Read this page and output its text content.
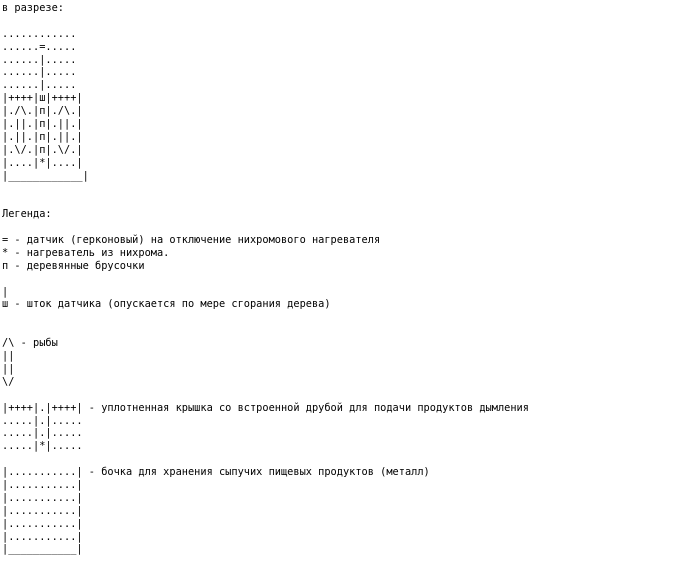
в разрезе:
............
......=.....
......|.....
......|.....
......|.....
|++++|ш|++++|
|./\.|п|./\.|
|.||.|п|.||.|
|.||.|п|.||.|
|.\/.|п|.\/.|
|....|*|....|
|____________|
Легенда:
= - датчик (герконовый) на отключение нихромового нагревателя
* - нагреватель из нихрома.
п - деревянные брусочки
|
ш - шток датчика (опускается по мере сгорания дерева)
/\ - рыбы
||
||
\/
|++++|.|++++| - уплотненная крышка со встроенной друбой для подачи продуктов дымления
.....|.|.....
.....|.|.....
.....|*|.....
|...........| - бочка для хранения сыпучих пищевых продуктов (металл)
|...........|
|...........|
|...........|
|...........|
|...........|
|___________|
